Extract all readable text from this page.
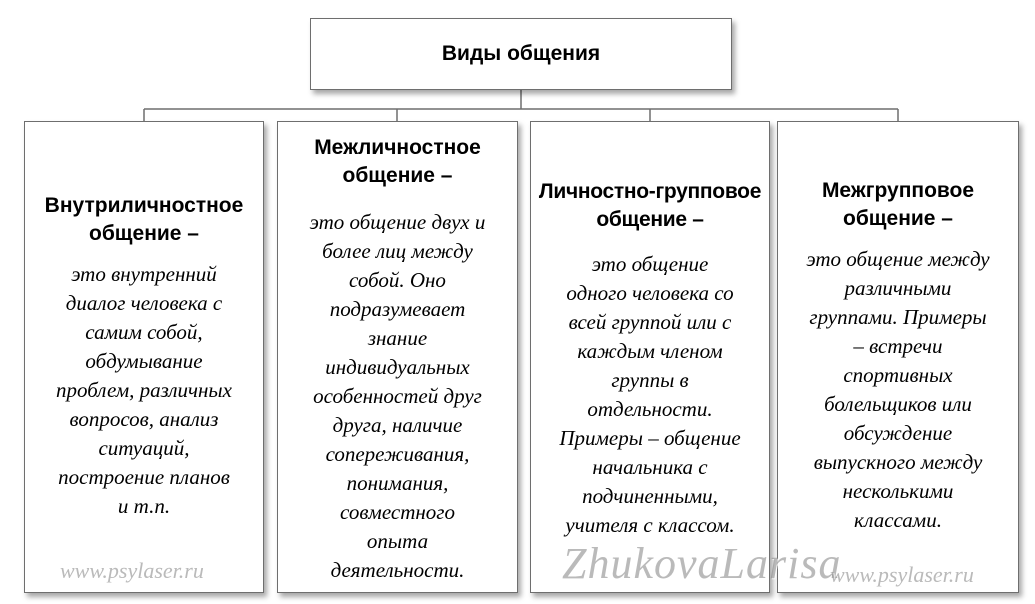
Виды общения
Внутриличностное
общение –
это внутренний
диалог человека с
самим собой,
обдумывание
проблем, различных
вопросов, анализ
ситуаций,
построение планов
и т.п.
Межличностное
общение –
это общение двух и
более лиц между
собой. Оно
подразумевает
знание
индивидуальных
особенностей друг
друга, наличие
сопереживания,
понимания,
совместного
опыта
деятельности.
Личностно-групповое
общение –
это общение
одного человека со
всей группой или с
каждым членом
группы в
отдельности.
Примеры – общение
начальника с
подчиненными,
учителя с классом.
Межгрупповое
общение –
это общение между
различными
группами. Примеры
– встречи
спортивных
болельщиков или
обсуждение
выпускного между
несколькими
классами.
www.psylaser.ru	ZhukovaLarisa
www.psylaser.ru
